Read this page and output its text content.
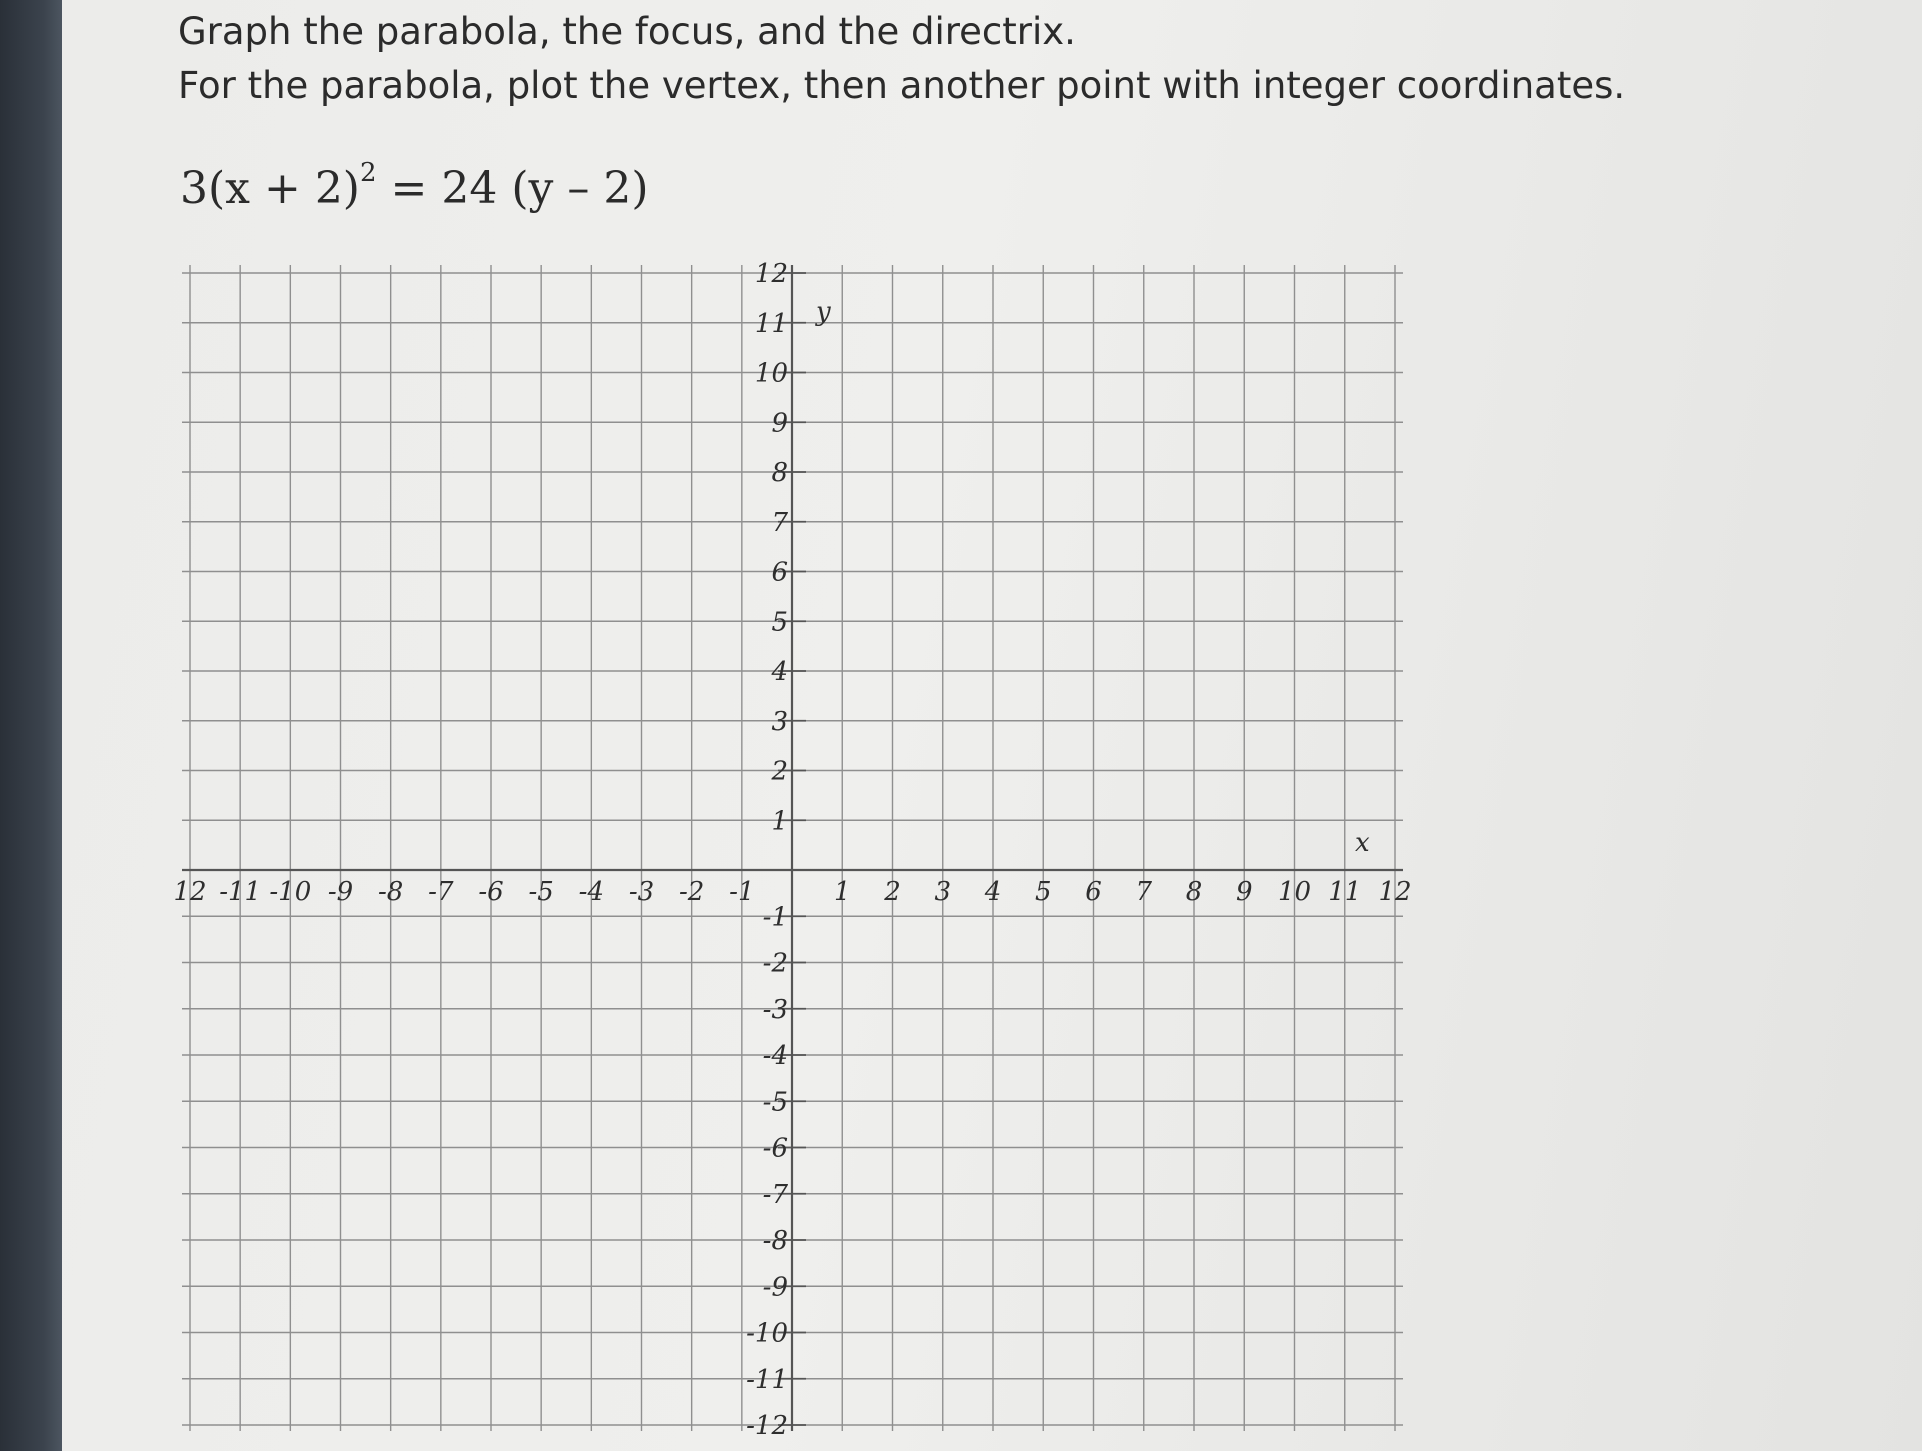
Graph the parabola, the focus, and the directrix.

For the parabola, plot the vertex, then another point with integer coordinates.

$3(x + 2)^2 = 24$ (y – 2)
12 -11 -10 -9 -8 -7 -6 -5 -4 -3 -2 -1	1 2 3 4 5 6 7 8 9 10 11 12
12
11
10
9
8
7
6
5
4
3
2
1
-1
-2
-3
-4
-5
-6
-7
-8
-9
-10
-11
-12
x
y
